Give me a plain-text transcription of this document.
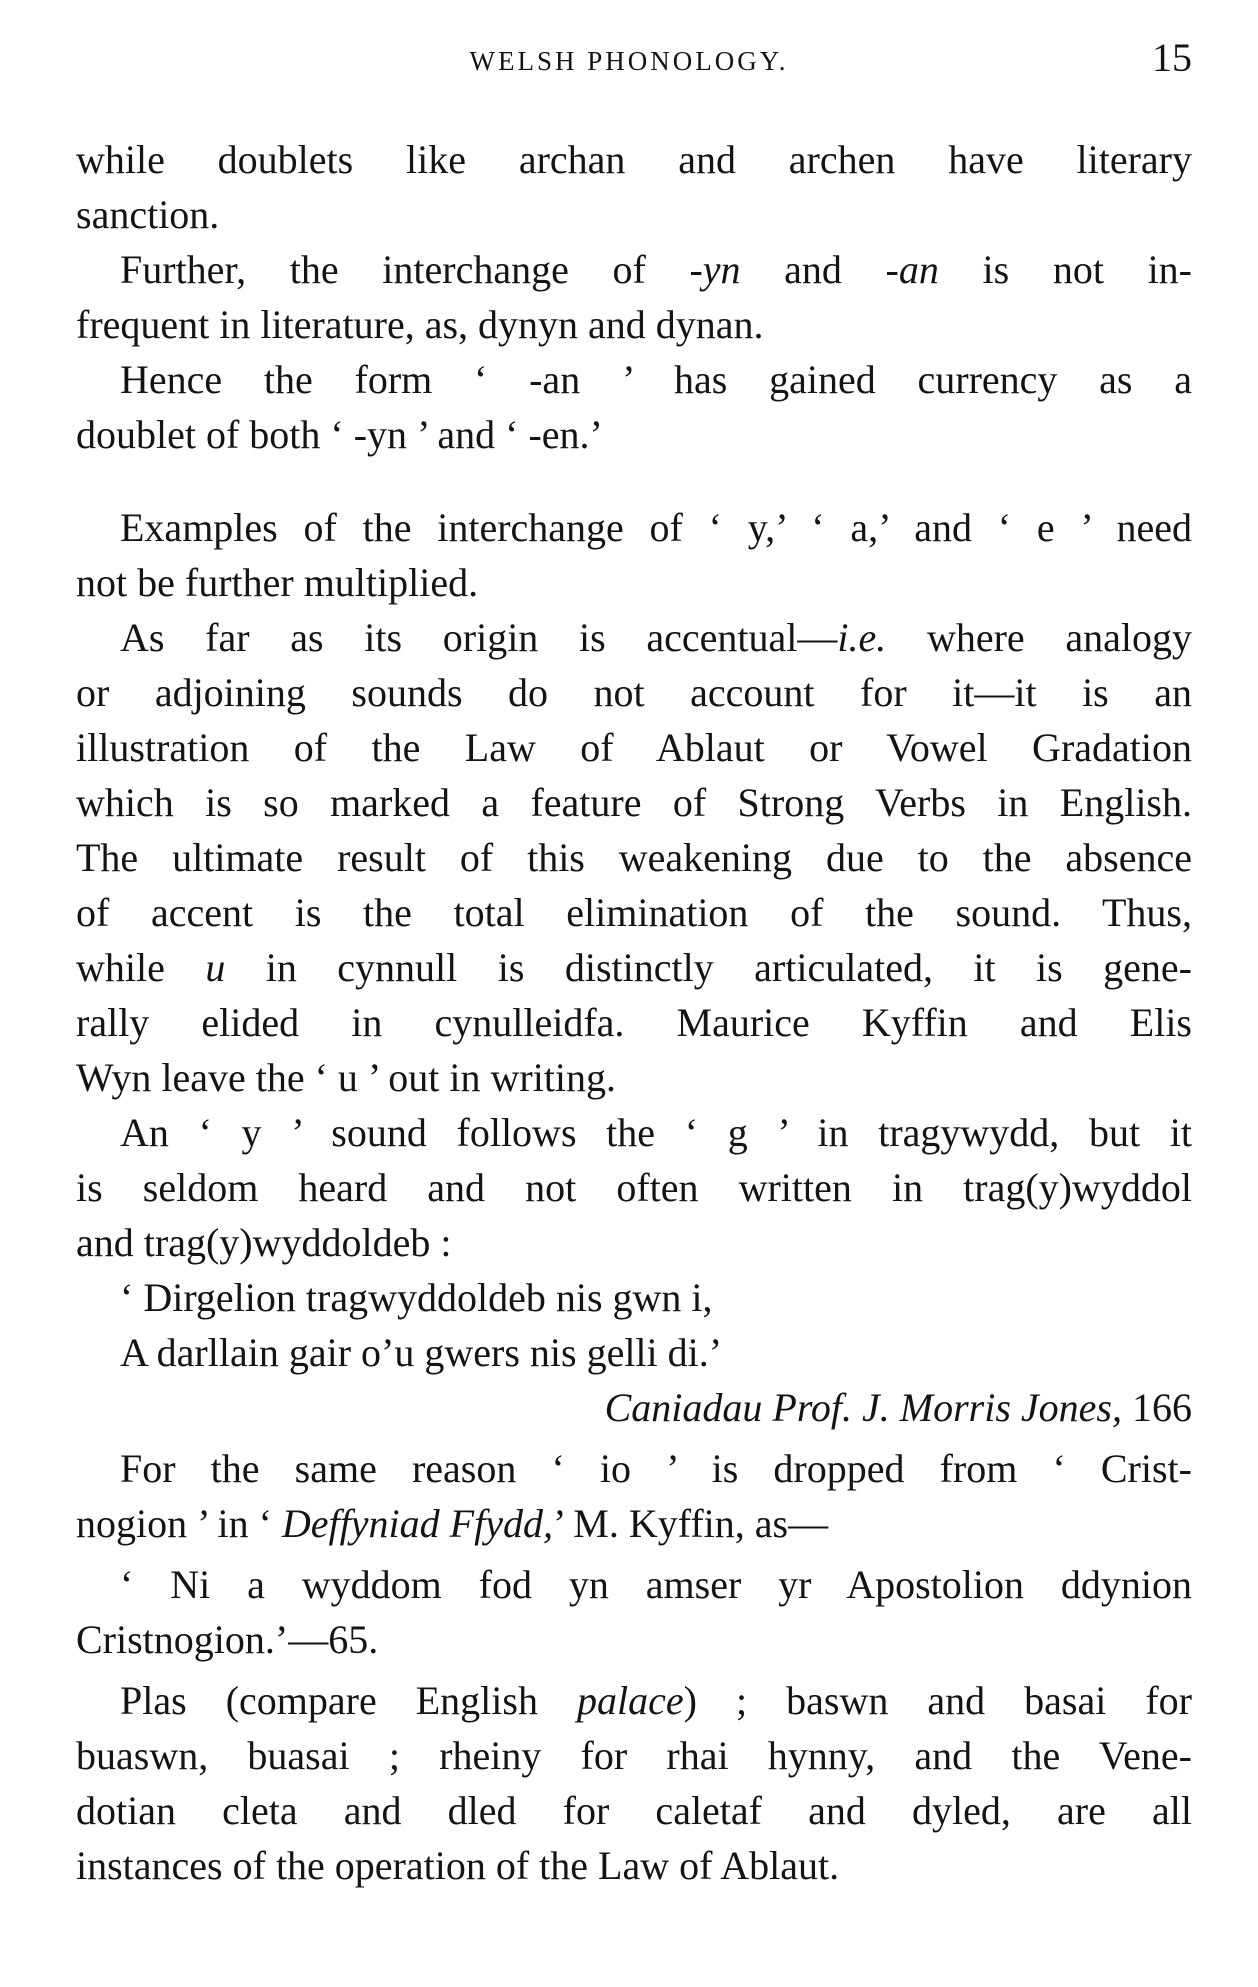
WELSH PHONOLOGY.	15
while doublets like archan and archen have literary
sanction.
Further, the interchange of -yn and -an is not in-
frequent in literature, as, dynyn and dynan.
Hence the form ‘ -an ’ has gained currency as a
doublet of both ‘ -yn ’ and ‘ -en.’
Examples of the interchange of ‘ y,’ ‘ a,’ and ‘ e ’ need
not be further multiplied.
As far as its origin is accentual—i.e. where analogy
or adjoining sounds do not account for it—it is an
illustration of the Law of Ablaut or Vowel Gradation
which is so marked a feature of Strong Verbs in English.
The ultimate result of this weakening due to the absence
of accent is the total elimination of the sound. Thus,
while u in cynnull is distinctly articulated, it is gene-
rally elided in cynulleidfa. Maurice Kyffin and Elis
Wyn leave the ‘ u ’ out in writing.
An ‘ y ’ sound follows the ‘ g ’ in tragywydd, but it
is seldom heard and not often written in trag(y)wyddol
and trag(y)wyddoldeb :
‘ Dirgelion tragwyddoldeb nis gwn i,
A darllain gair o’u gwers nis gelli di.’
Caniadau Prof. J. Morris Jones, 166
For the same reason ‘ io ’ is dropped from ‘ Crist-
nogion ’ in ‘ Deffyniad Ffydd,’ M. Kyffin, as—
‘ Ni a wyddom fod yn amser yr Apostolion ddynion
Cristnogion.’—65.
Plas (compare English palace) ; baswn and basai for
buaswn, buasai ; rheiny for rhai hynny, and the Vene-
dotian cleta and dled for caletaf and dyled, are all
instances of the operation of the Law of Ablaut.
